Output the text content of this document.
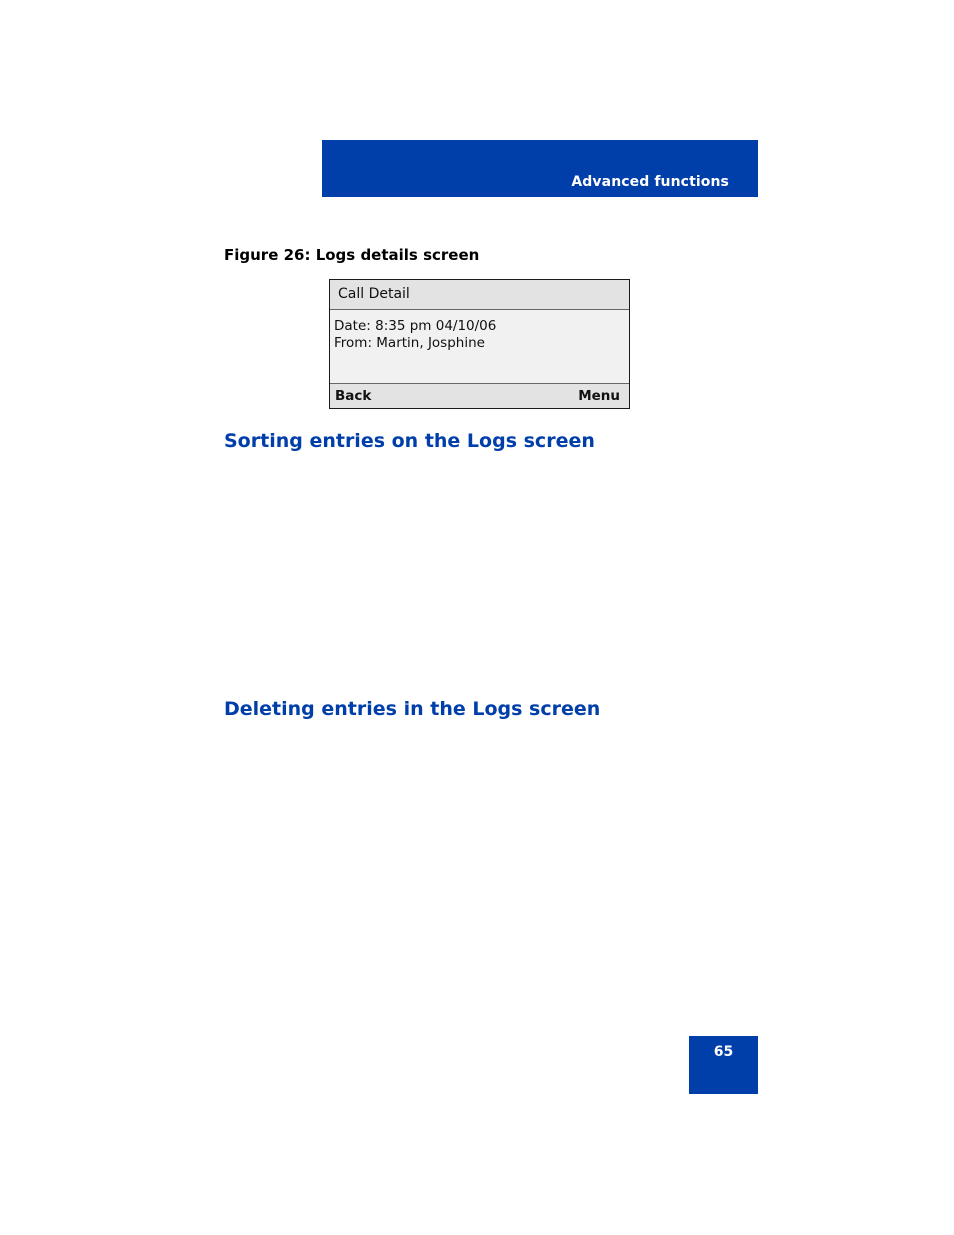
Advanced functions
Figure 26: Logs details screen
Call Detail
Date: 8:35 pm 04/10/06
From: Martin, Josphine
Back	Menu
Sorting entries on the Logs screen
Deleting entries in the Logs screen
65
